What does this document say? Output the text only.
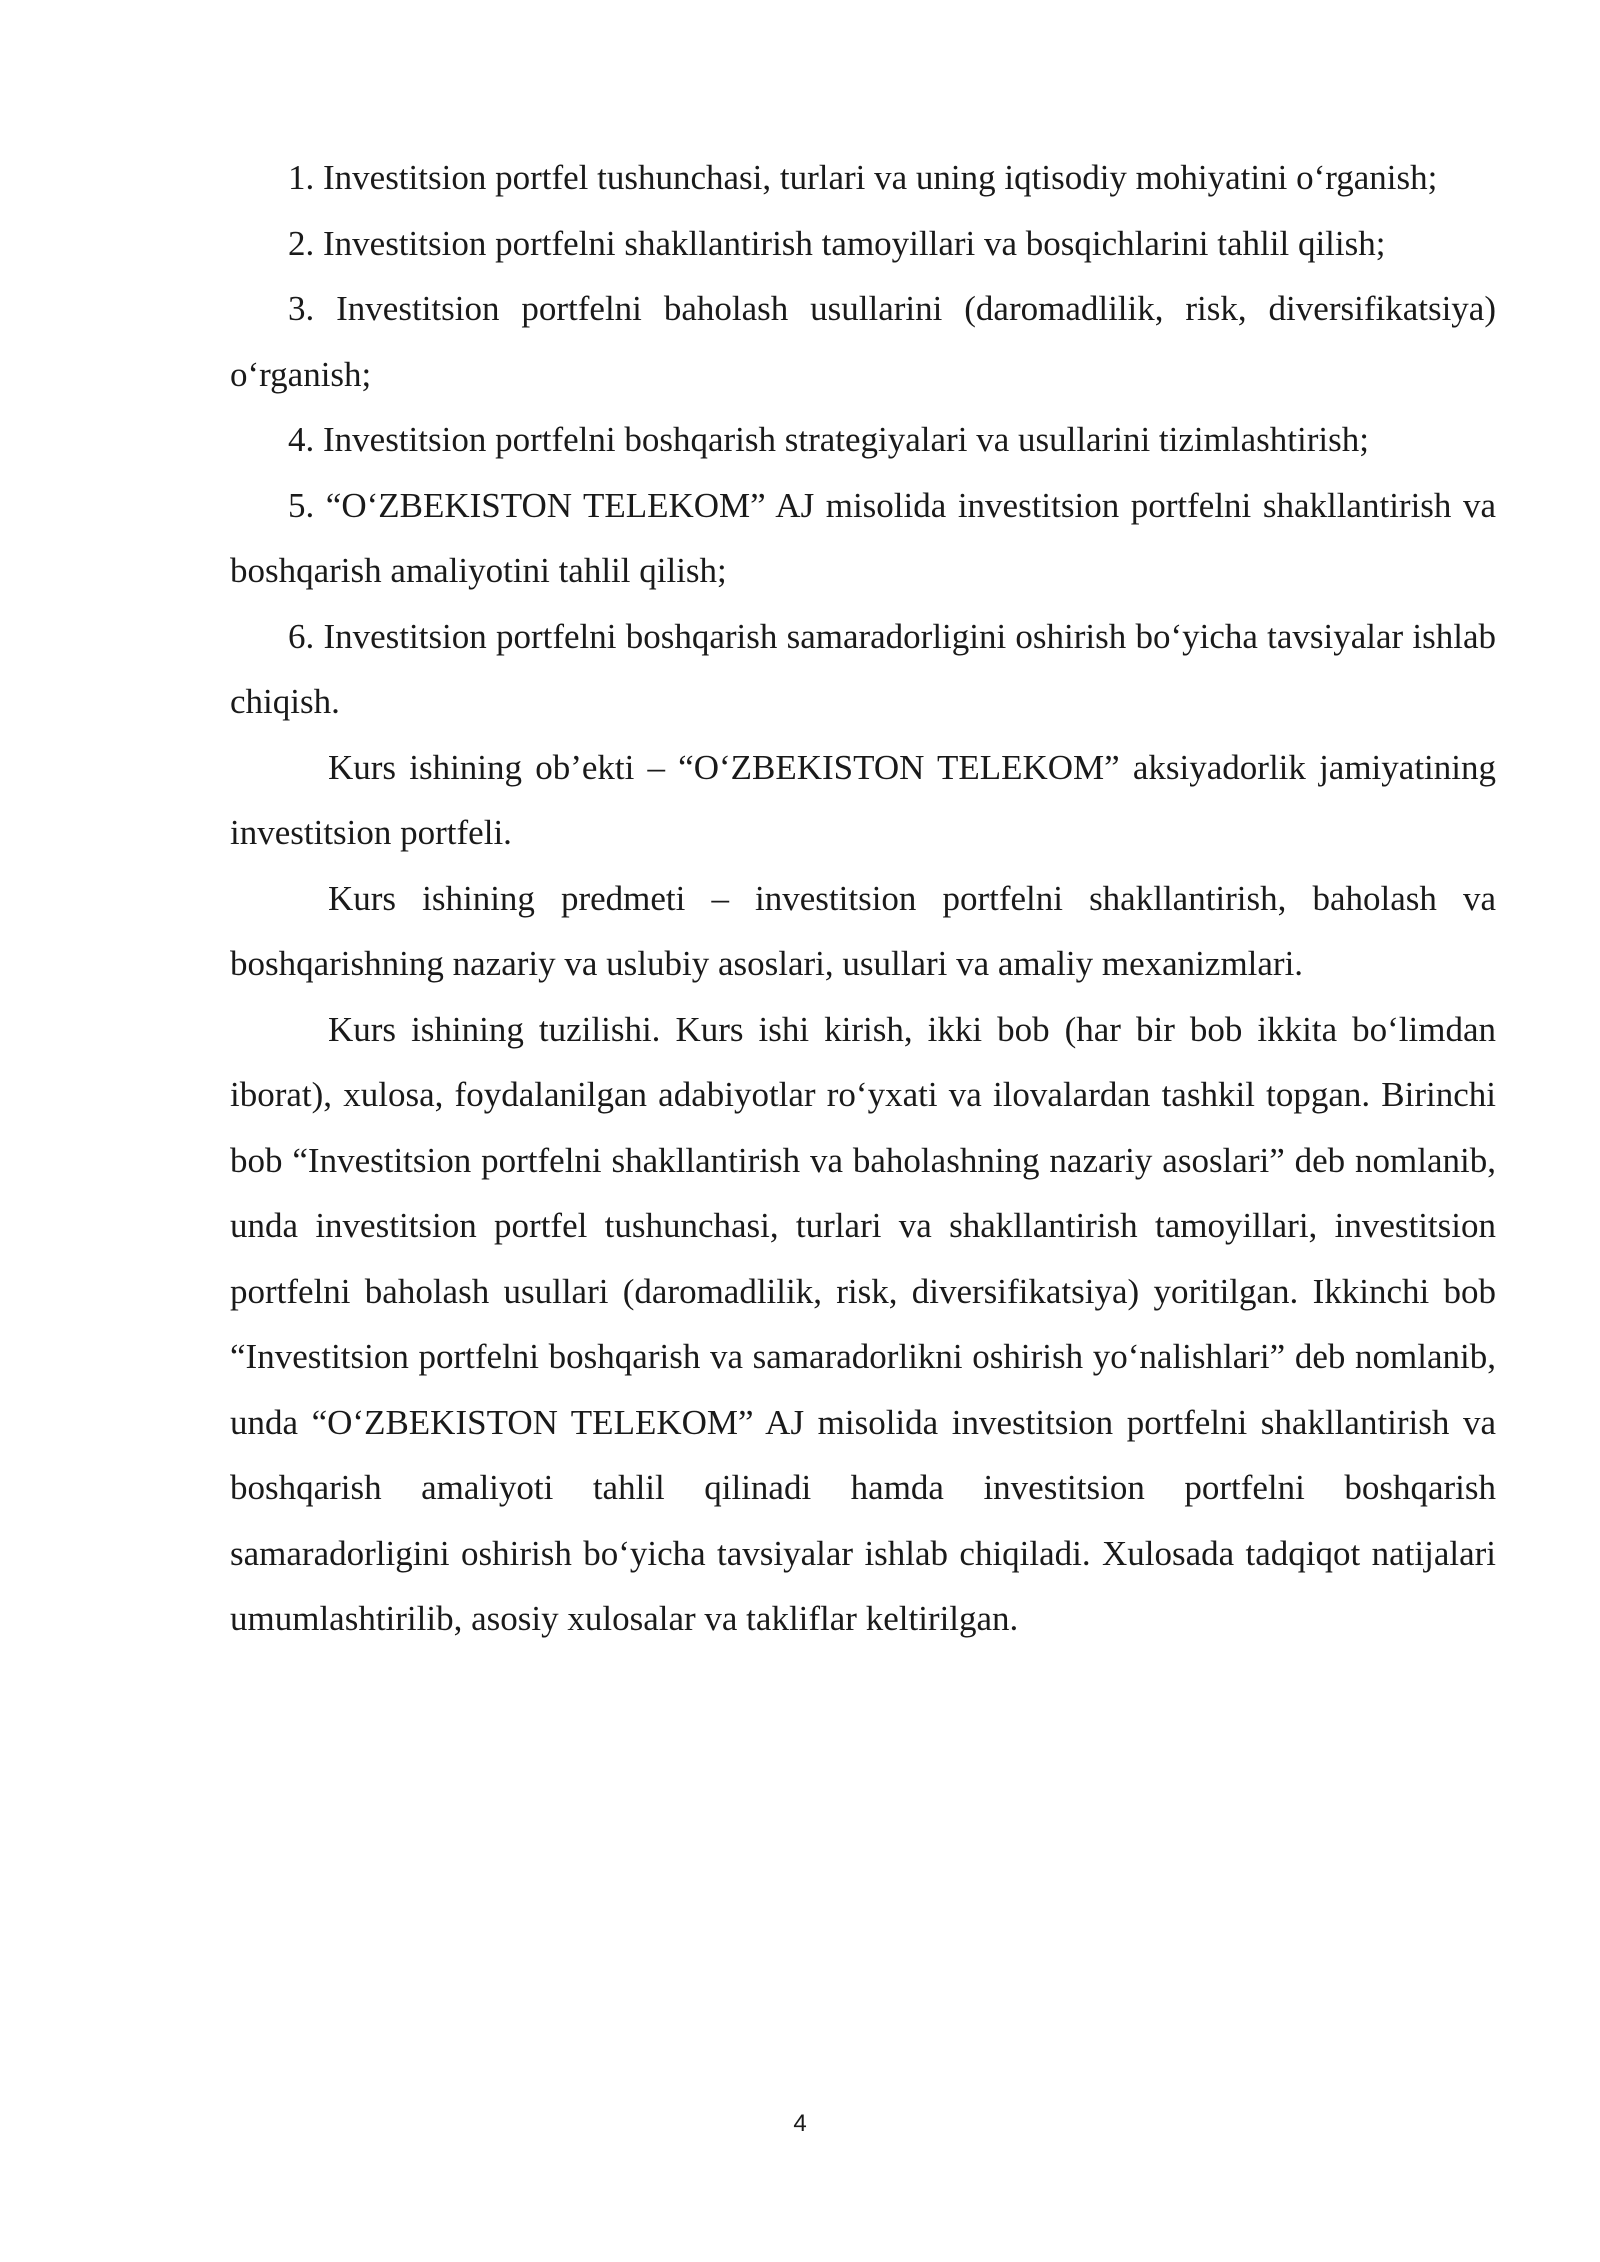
1. Investitsion portfel tushunchasi, turlari va uning iqtisodiy mohiyatini o‘rganish;

2. Investitsion portfelni shakllantirish tamoyillari va bosqichlarini tahlil qilish;

3. Investitsion portfelni baholash usullarini (daromadlilik, risk, diversifikatsiya) o‘rganish;

4. Investitsion portfelni boshqarish strategiyalari va usullarini tizimlashtirish;

5. “O‘ZBEKISTON TELEKOM” AJ misolida investitsion portfelni shakllantirish va boshqarish amaliyotini tahlil qilish;

6. Investitsion portfelni boshqarish samaradorligini oshirish bo‘yicha tavsiyalar ishlab chiqish.

Kurs ishining ob’ekti – “O‘ZBEKISTON TELEKOM” aksiyadorlik jamiyatining investitsion portfeli.

Kurs ishining predmeti – investitsion portfelni shakllantirish, baholash va boshqarishning nazariy va uslubiy asoslari, usullari va amaliy mexanizmlari.

Kurs ishining tuzilishi. Kurs ishi kirish, ikki bob (har bir bob ikkita bo‘limdan iborat), xulosa, foydalanilgan adabiyotlar ro‘yxati va ilovalardan tashkil topgan. Birinchi bob “Investitsion portfelni shakllantirish va baholashning nazariy asoslari” deb nomlanib, unda investitsion portfel tushunchasi, turlari va shakllantirish tamoyillari, investitsion portfelni baholash usullari (daromadlilik, risk, diversifikatsiya) yoritilgan. Ikkinchi bob “Investitsion portfelni boshqarish va samaradorlikni oshirish yo‘nalishlari” deb nomlanib, unda “O‘ZBEKISTON TELEKOM” AJ misolida investitsion portfelni shakllantirish va boshqarish amaliyoti tahlil qilinadi hamda investitsion portfelni boshqarish samaradorligini oshirish bo‘yicha tavsiyalar ishlab chiqiladi. Xulosada tadqiqot natijalari umumlashtirilib, asosiy xulosalar va takliflar keltirilgan.

4
